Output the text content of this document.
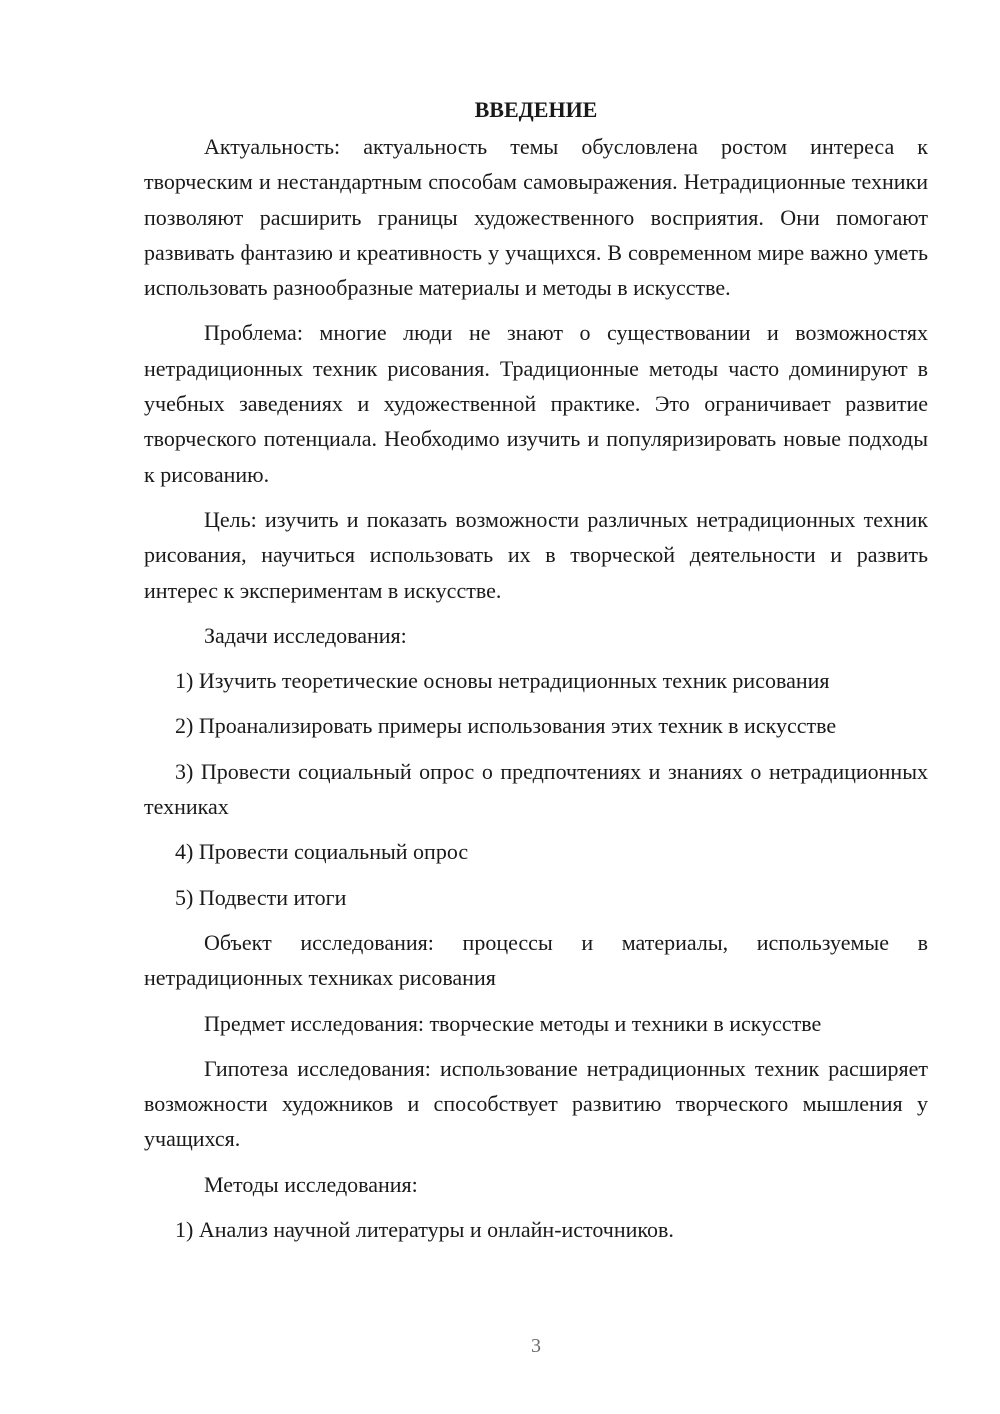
ВВЕДЕНИЕ

Актуальность: актуальность темы обусловлена ростом интереса к творческим и нестандартным способам самовыражения. Нетрадиционные техники позволяют расширить границы художественного восприятия. Они помогают развивать фантазию и креативность у учащихся. В современном мире важно уметь использовать разнообразные материалы и методы в искусстве.

Проблема: многие люди не знают о существовании и возможностях нетрадиционных техник рисования. Традиционные методы часто доминируют в учебных заведениях и художественной практике. Это ограничивает развитие творческого потенциала. Необходимо изучить и популяризировать новые подходы к рисованию.

Цель: изучить и показать возможности различных нетрадиционных техник рисования, научиться использовать их в творческой деятельности и развить интерес к экспериментам в искусстве.

Задачи исследования:

1) Изучить теоретические основы нетрадиционных техник рисования

2) Проанализировать примеры использования этих техник в искусстве

3) Провести социальный опрос о предпочтениях и знаниях о нетрадиционных техниках

4) Провести социальный опрос

5) Подвести итоги

Объект исследования: процессы и материалы, используемые в нетрадиционных техниках рисования

Предмет исследования: творческие методы и техники в искусстве

Гипотеза исследования: использование нетрадиционных техник расширяет возможности художников и способствует развитию творческого мышления у учащихся.

Методы исследования:

1) Анализ научной литературы и онлайн-источников.

3
